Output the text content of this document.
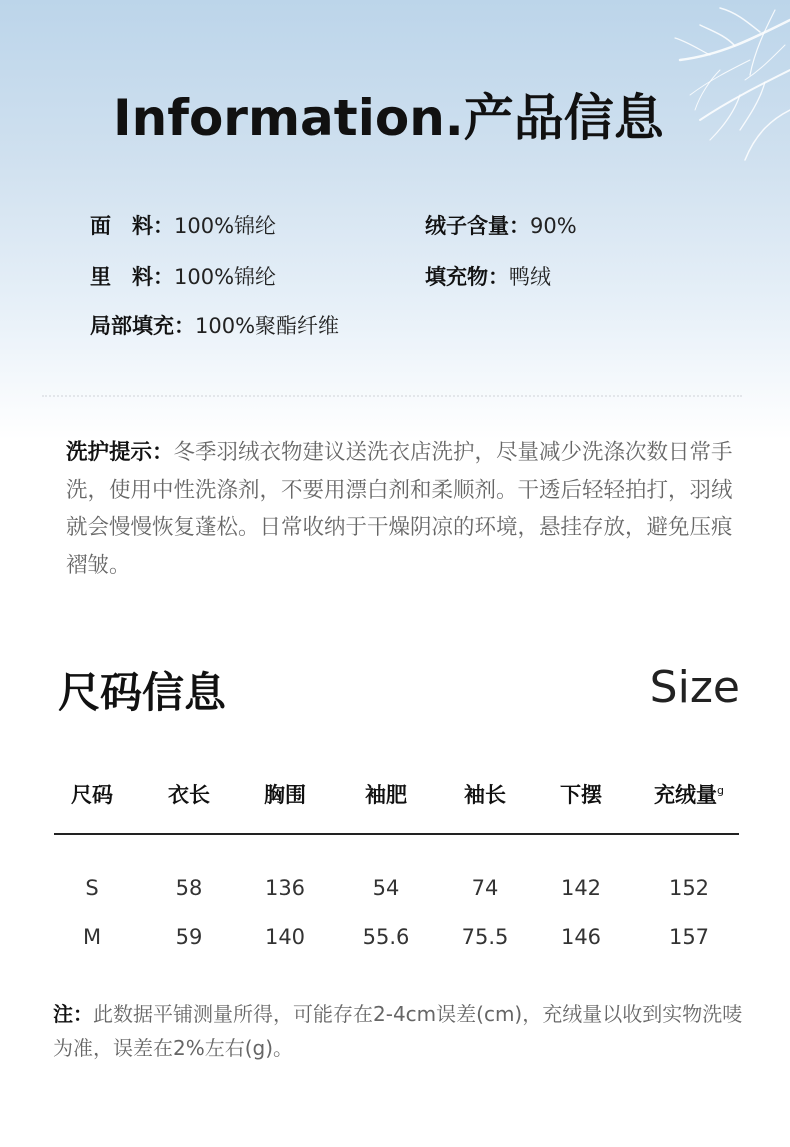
Information.产品信息
面　料：100%锦纶	绒子含量：90%
里　料：100%锦纶	填充物：鸭绒
局部填充：100%聚酯纤维
洗护提示：冬季羽绒衣物建议送洗衣店洗护，尽量减少洗涤次数日常手洗，使用中性洗涤剂，不要用漂白剂和柔顺剂。干透后轻轻拍打，羽绒就会慢慢恢复蓬松。日常收纳于干燥阴凉的环境，悬挂存放，避免压痕褶皱。
尺码信息	Size
尺码	衣长	胸围	袖肥	袖长	下摆	充绒量$^g$
S	58	136	54	74	142	152
M	59	140	55.6	75.5	146	157
注：此数据平铺测量所得，可能存在2-4cm误差(cm)，充绒量以收到实物洗唛为准，误差在2%左右(g)。
